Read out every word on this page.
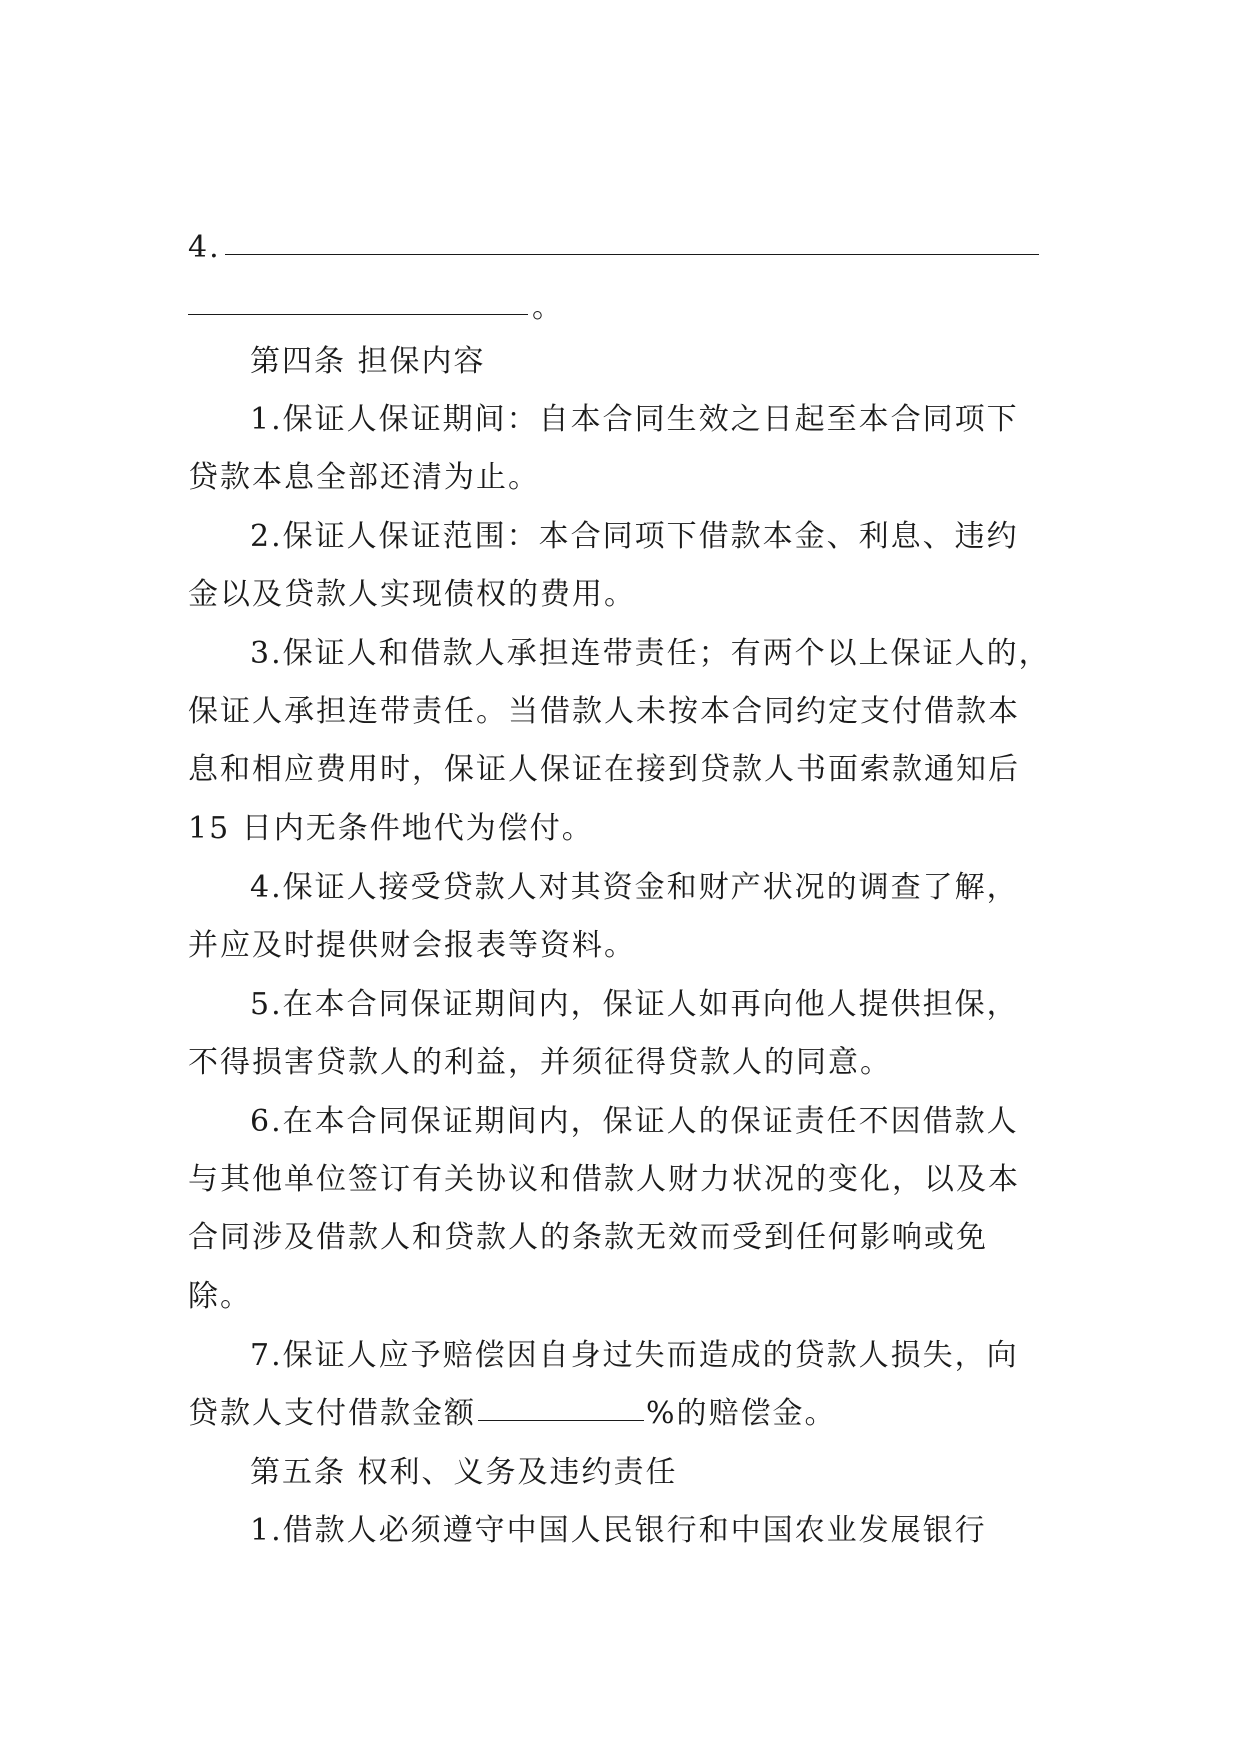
4.

。

第四条 担保内容

1.保证人保证期间：自本合同生效之日起至本合同项下

贷款本息全部还清为止。

2.保证人保证范围：本合同项下借款本金、利息、违约

金以及贷款人实现债权的费用。

3.保证人和借款人承担连带责任；有两个以上保证人的，

保证人承担连带责任。当借款人未按本合同约定支付借款本

息和相应费用时，保证人保证在接到贷款人书面索款通知后

15 日内无条件地代为偿付。

4.保证人接受贷款人对其资金和财产状况的调查了解，

并应及时提供财会报表等资料。

5.在本合同保证期间内，保证人如再向他人提供担保，

不得损害贷款人的利益，并须征得贷款人的同意。

6.在本合同保证期间内，保证人的保证责任不因借款人

与其他单位签订有关协议和借款人财力状况的变化，以及本

合同涉及借款人和贷款人的条款无效而受到任何影响或免

除。

7.保证人应予赔偿因自身过失而造成的贷款人损失，向

贷款人支付借款金额	%的赔偿金。

第五条 权利、义务及违约责任

1.借款人必须遵守中国人民银行和中国农业发展银行
